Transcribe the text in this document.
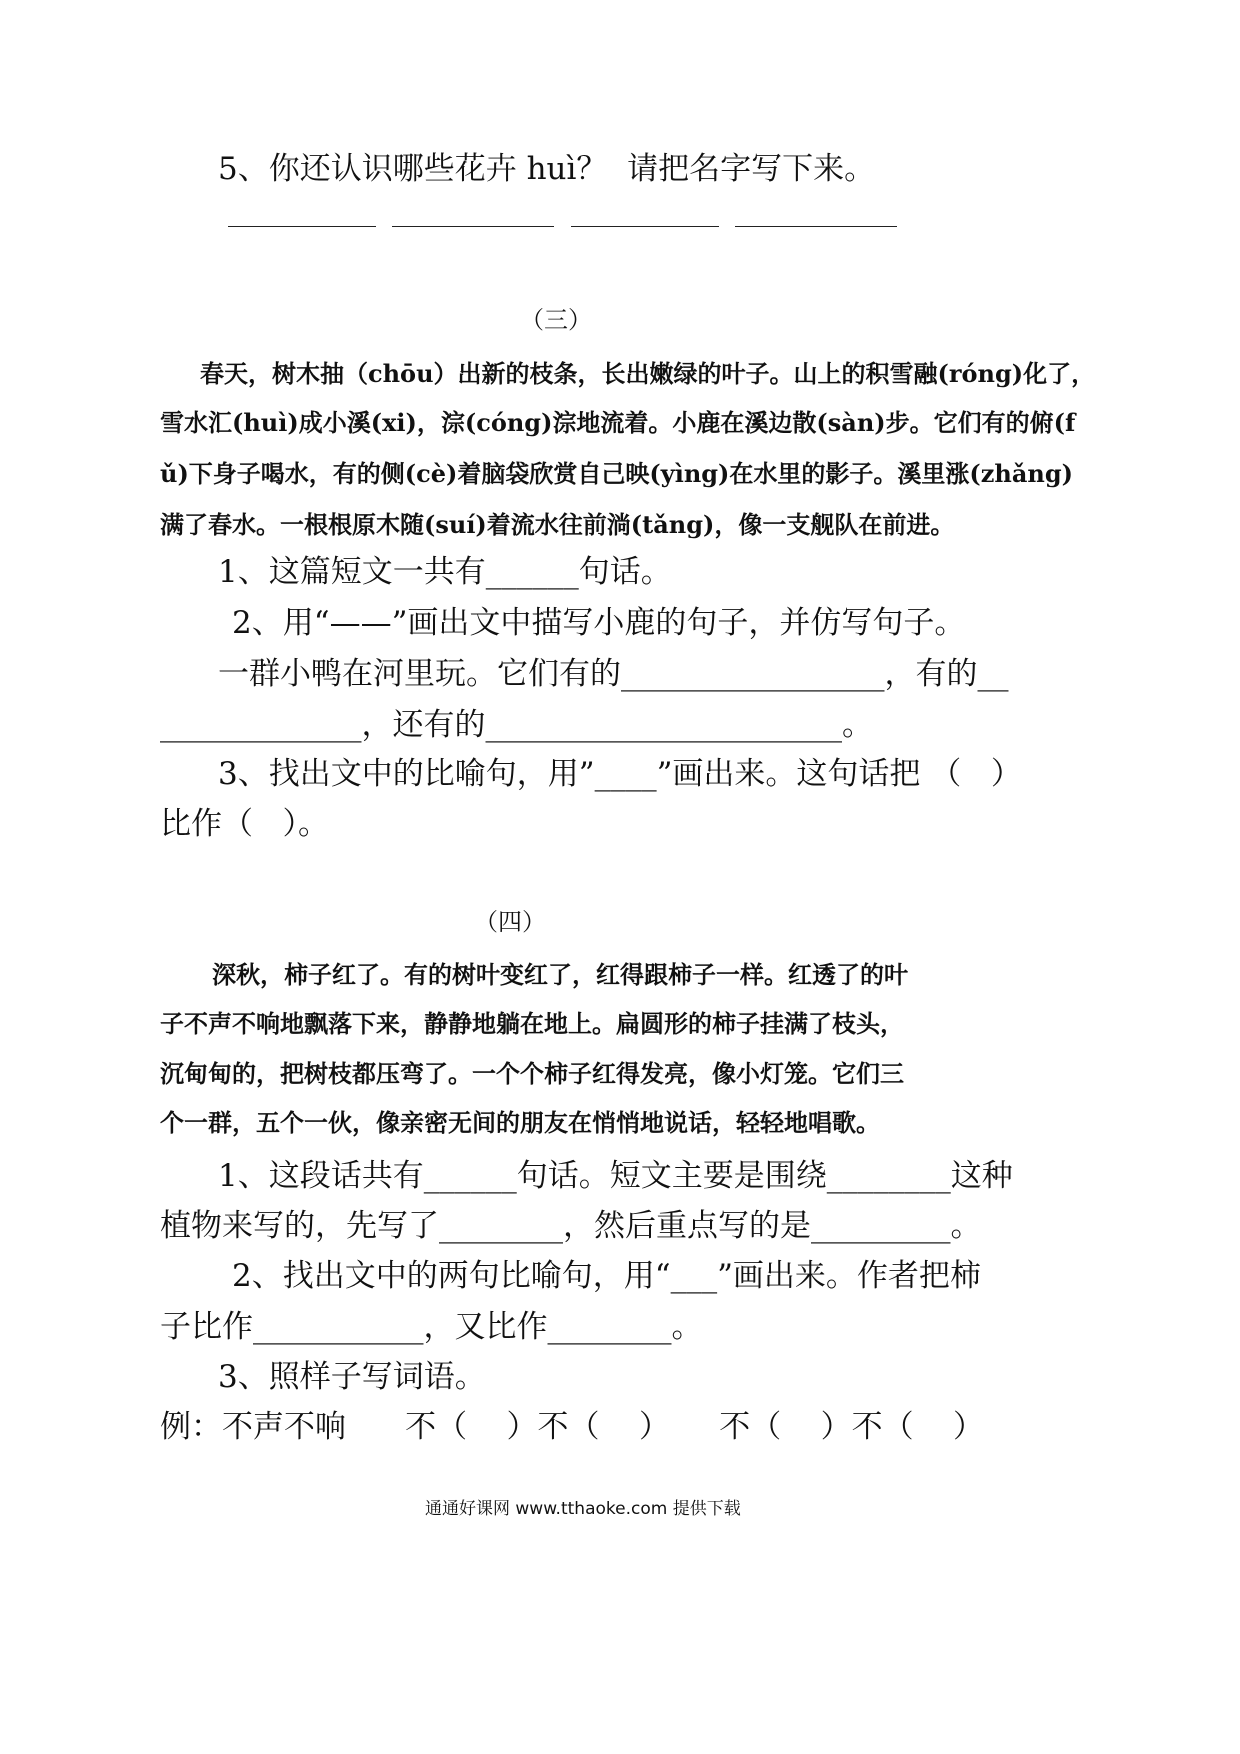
5、你还认识哪些花卉 huì？  请把名字写下来。
（三）
春天，树木抽（chōu）出新的枝条，长出嫩绿的叶子。山上的积雪融(róng)化了，
雪水汇(huì)成小溪(xi)，淙(cóng)淙地流着。小鹿在溪边散(sàn)步。它们有的俯(f
ǔ)下身子喝水，有的侧(cè)着脑袋欣赏自己映(yìng)在水里的影子。溪里涨(zhǎng)
满了春水。一根根原木随(suí)着流水往前淌(tǎng)，像一支舰队在前进。
1、这篇短文一共有______句话。
2、用“——”画出文中描写小鹿的句子，并仿写句子。
一群小鸭在河里玩。它们有的_________________，有的__
_____________，还有的_______________________。
3、找出文中的比喻句，用”____”画出来。这句话把 （   ）
比作（   ）。
（四）
深秋，柿子红了。有的树叶变红了，红得跟柿子一样。红透了的叶
子不声不响地飘落下来，静静地躺在地上。扁圆形的柿子挂满了枝头，
沉甸甸的，把树枝都压弯了。一个个柿子红得发亮，像小灯笼。它们三
个一群，五个一伙，像亲密无间的朋友在悄悄地说话，轻轻地唱歌。
1、这段话共有______句话。短文主要是围绕________这种
植物来写的，先写了________，然后重点写的是_________。
2、找出文中的两句比喻句，用“___”画出来。作者把柿
子比作___________，又比作________。
3、照样子写词语。
例：不声不响      不（    ）不（    ）     不（    ）不（    ）
通通好课网 www.tthaoke.com 提供下载
